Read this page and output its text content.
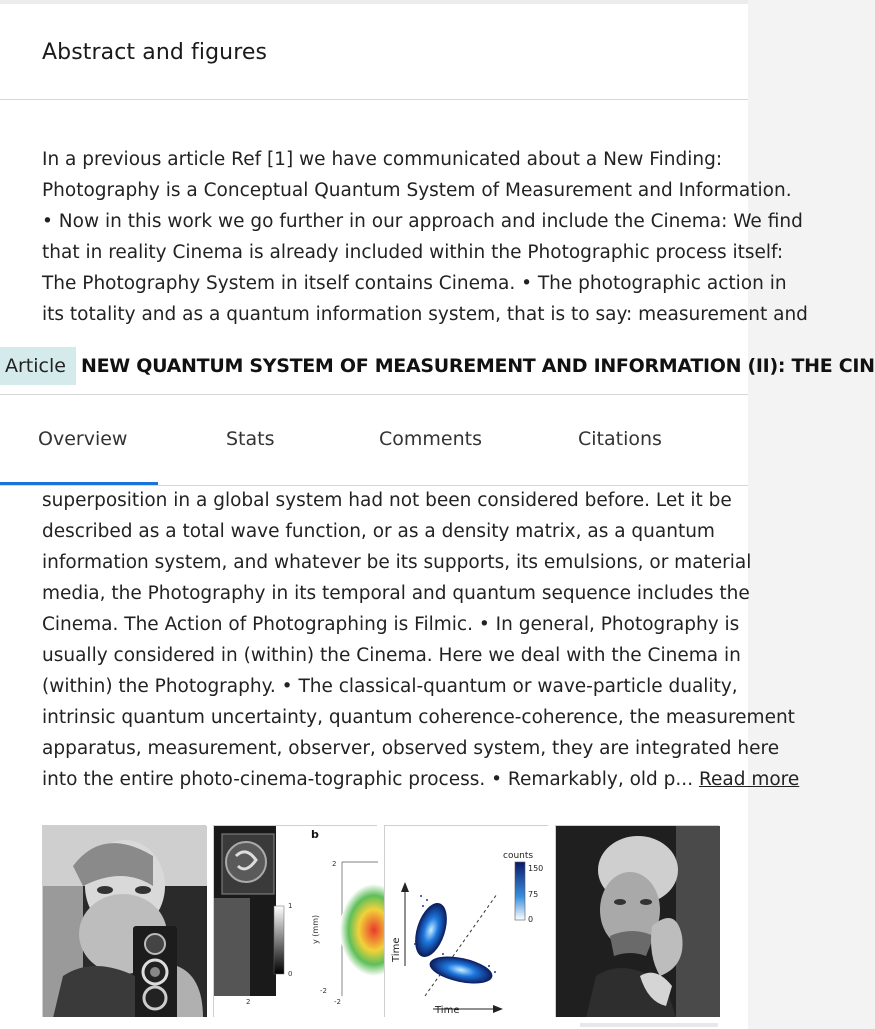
Abstract and figures
In a previous article Ref [1] we have communicated about a New Finding:
Photography is a Conceptual Quantum System of Measurement and Information.
• Now in this work we go further in our approach and include the Cinema: We find
that in reality Cinema is already included within the Photographic process itself:
The Photography System in itself contains Cinema. • The photographic action in
its totality and as a quantum information system, that is to say: measurement and
superposition in a global system had not been considered before. Let it be
described as a total wave function, or as a density matrix, as a quantum
information system, and whatever be its supports, its emulsions, or material
media, the Photography in its temporal and quantum sequence includes the
Cinema. The Action of Photographing is Filmic. • In general, Photography is
usually considered in (within) the Cinema. Here we deal with the Cinema in
(within) the Photography. • The classical-quantum or wave-particle duality,
intrinsic quantum uncertainty, quantum coherence-coherence, the measurement
apparatus, measurement, observer, observed system, they are integrated here
into the entire photo-cinema-tographic process. • Remarkably, old p... Read more
Article NEW QUANTUM SYSTEM OF MEASUREMENT AND INFORMATION (II): THE CIN
Overview	Stats	Comments	Citations
1
0
2
b
2
-2
-2
y (mm)
counts
150
75
0
Time
Time
